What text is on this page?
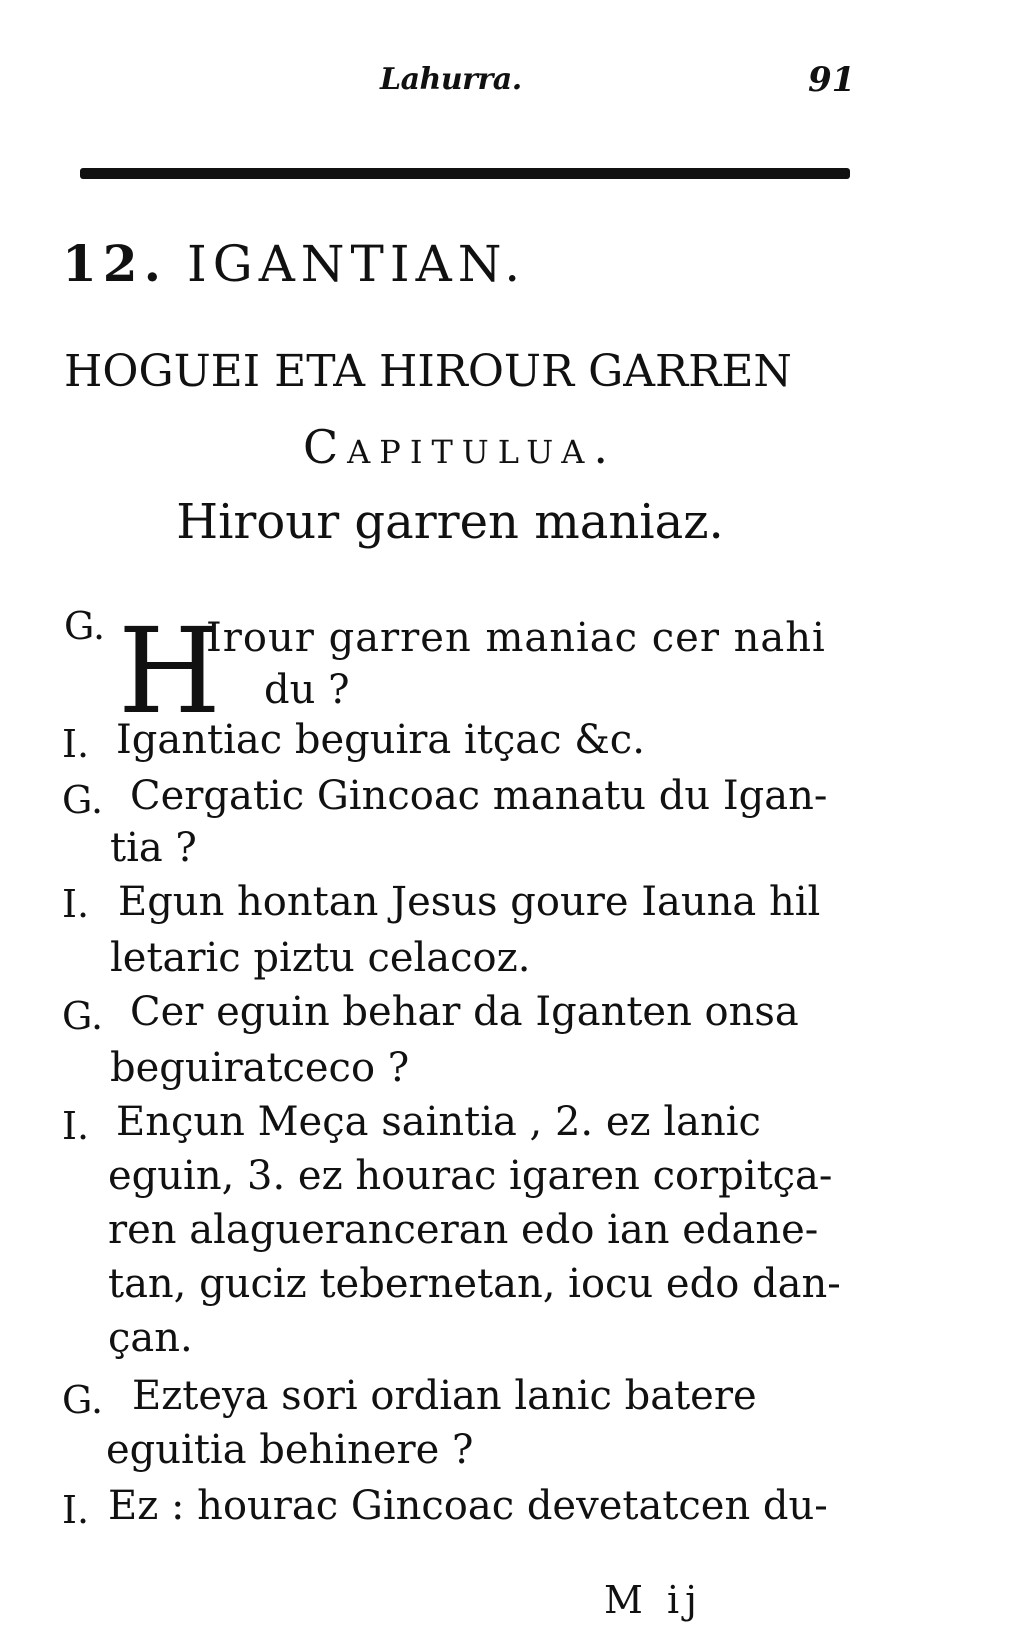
Lahurra.	91
12. IGANTIAN.
HOGUEI ETA HIROUR GARREN
Capitulua.
Hirour garren maniaz.
G. H
Irour garren maniac cer nahi
du ?
I. Igantiac beguira itçac &c.
G. Cergatic Gincoac manatu du Igan-
tia ?
I. Egun hontan Jesus goure Iauna hil
letaric piztu celacoz.
G. Cer eguin behar da Iganten onsa
beguiratceco ?
I. Ençun Meça saintia , 2. ez lanic
eguin, 3. ez hourac igaren corpitça-
ren alagueranceran edo ian edane-
tan, guciz tebernetan, iocu edo dan-
çan.
G. Ezteya sori ordian lanic batere
eguitia behinere ?
I. Ez : hourac Gincoac devetatcen du-
M ij
